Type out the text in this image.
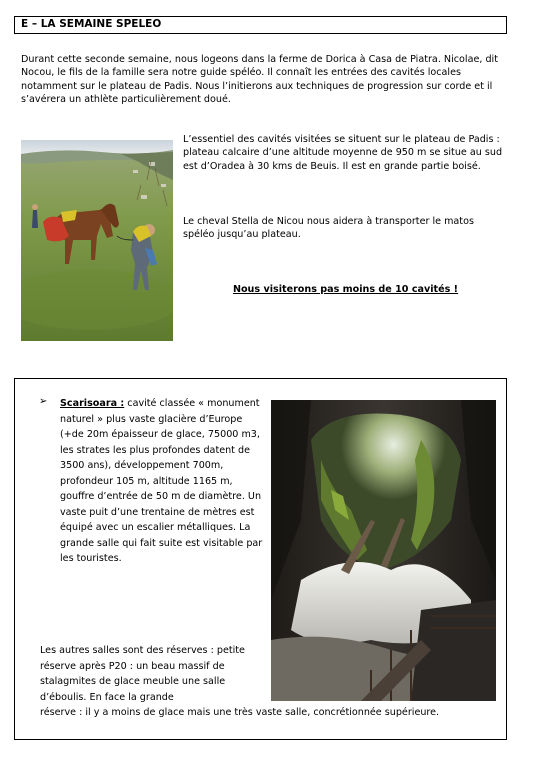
E – LA SEMAINE SPELEO
Durant cette seconde semaine, nous logeons dans la ferme de Dorica à Casa de Piatra. Nicolae, dit Nocou, le fils de la famille sera notre guide spéléo. Il connaît les entrées des cavités locales notamment sur le plateau de Padis. Nous l’initierons aux techniques de progression sur corde et il s’avérera un athlète particulièrement doué.
L’essentiel des cavités visitées se situent sur le plateau de Padis : plateau calcaire d’une altitude moyenne de 950 m se situe au sud est d’Oradea à 30 kms de Beuis. Il est en grande partie boisé.
Le cheval Stella de Nicou nous aidera à transporter le matos spéléo jusqu’au plateau.
Nous visiterons pas moins de 10 cavités !
➢ Scarisoara : cavité classée « monument naturel » plus vaste glacière d’Europe (+de 20m épaisseur de glace, 75000 m3, les strates les plus profondes datent de 3500 ans), développement 700m, profondeur 105 m, altitude 1165 m, gouffre d’entrée de 50 m de diamètre. Un vaste puit d’une trentaine de mètres est équipé avec un escalier métalliques. La grande salle qui fait suite est visitable par les touristes.
Les autres salles sont des réserves : petite réserve après P20 : un beau massif de stalagmites de glace meuble une salle d’éboulis. En face la grande
réserve : il y a moins de glace mais une très vaste salle, concrétionnée supérieure.
